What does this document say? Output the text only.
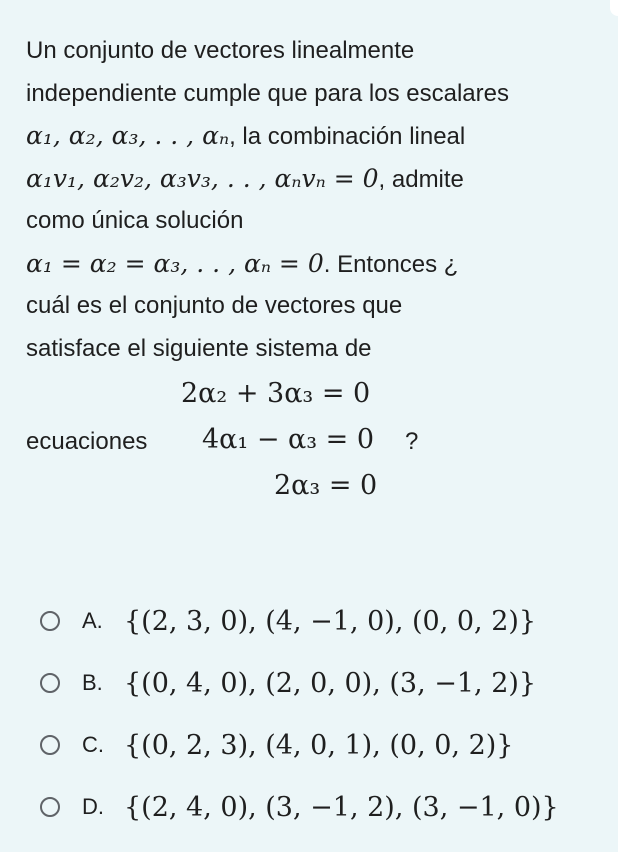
Un conjunto de vectores linealmente
independiente cumple que para los escalares
α₁, α₂, α₃, . . , αₙ, la combinación lineal
α₁v₁, α₂v₂, α₃v₃, . . , αₙvₙ = 0, admite
como única solución
α₁ = α₂ = α₃, . . , αₙ = 0. Entonces ¿
cuál es el conjunto de vectores que
satisface el siguiente sistema de
2α₂ + 3α₃ = 0
ecuaciones 4α₁ − α₃ = 0 ?
2α₃ = 0
A. {(2, 3, 0), (4, −1, 0), (0, 0, 2)}
B. {(0, 4, 0), (2, 0, 0), (3, −1, 2)}
C. {(0, 2, 3), (4, 0, 1), (0, 0, 2)}
D. {(2, 4, 0), (3, −1, 2), (3, −1, 0)}
